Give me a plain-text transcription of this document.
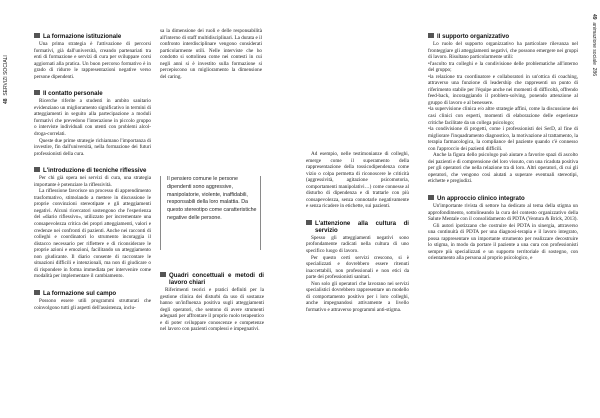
48  SERVIZI SOCIALI
49  animazione sociale  286
La formazione istituzionale

Una prima strategia è l'attivazione di percorsi formativi, già dall'università, creando partenariati tra enti di formazione e servizi di cura per sviluppare corsi aggiornati alla pratica. Un buon percorso formativo è in grado di ridurre le rappresentazioni negative verso persone dipendenti.

Il contatto personale

Ricerche riferite a studenti in ambito sanitario evidenziano un miglioramento significativo in termini di atteggiamenti in seguito alla partecipazione a moduli formativi che prevedono l'interazione in piccolo gruppo o interviste individuali con utenti con problemi alcol-droga-correlati.

Queste due prime strategie richiamano l'importanza di investire, fin dall'università, nella formazione dei futuri professionisti della cura.

L'introduzione di tecniche riflessive

Per chi già opera nei servizi di cura, una strategia importante è potenziare la riflessività.

La riflessione favorisce un processo di apprendimento trasformativo, stimolando a mettere in discussione le proprie convinzioni stereotipate e gli atteggiamenti negativi. Alcuni ricercatori sostengono che l'esperienza del «diario riflessivo», utilizzato per incrementare una consapevolezza critica dei propri atteggiamenti, valori e credenze nei confronti di pazienti. Anche nei racconti di colleghi e coordinatori lo strumento incoraggia il distacco necessario per riflettere e di riconsiderare le proprie azioni e emozioni, facilitando un atteggiamento non giudicante. Il diario consente di raccontare le situazioni difficili e intenzionali, ma non di giudicare o di rispondere in forma immediata per intervenire come modalità per implementare il cambiamento.

La formazione sul campo

Possono essere utili programmi strutturati che coinvolgono tutti gli aspetti dell'assistenza, inclu-

sa la dimensione dei ruoli e delle responsabilità all'interno di staff multidisciplinari. La durata e il confronto interdisciplinare vengono considerati particolarmente utili. Nelle interviste che ho condotto si sottolinea come nei contesti in cui negli anni si è investito sulla formazione si percepiscono un miglioramento la dimensione del caring.

Il pensiero comune le persone dipendenti sono aggressive, manipolatorie, violente, inaffidabili, responsabili della loro malattia. Da questo stereotipo come caratteristiche negative delle persone.
Quadri concettuali e metodi di lavoro chiari

Riferimenti teorici e pratici definiti per la gestione clinica dei disturbi da uso di sostanze hanno un'influenza positiva sugli atteggiamenti degli operatori, che sentono di avere strumenti adeguati per affrontare il proprio ruolo terapeutico e di poter sviluppare conoscenze e competenze nel lavoro con pazienti complessi e impegnativi.

Ad esempio, nelle testimonianze di colleghi, emerge come il superamento della rappresentazione della tossicodipendenza come vizio o colpa permetta di riconoscere le criticità (aggressività, agitazione psicomotoria, comportamenti manipolativi…) come connesse al disturbo di dipendenza e di trattarle con più consapevolezza, senza connotarle negativamente e senza ricadere in etichette, sui pazienti.

L'attenzione alla cultura di servizio

Spesso gli atteggiamenti negativi sono profondamente radicati nella cultura di uno specifico luogo di lavoro.

Per questo certi servizi crescono, si è specializzati e dovrebbero essere ritenuti inaccettabili, non professionali e non etici da parte dei professionisti sanitari.

Non solo gli operatori che lavorano nei servizi specialistici dovrebbero rappresentare un modello di comportamento positivo per i loro colleghi, anche impegnandosi attivamente a livello formativo e attraverso programmi anti-stigma.

Il supporto organizzativo

Lo ruolo del supporto organizzativo ha particolare rilevanza nel fronteggiare gli atteggiamenti negativi, che possono emergere nei gruppi di lavoro. Risultano particolarmente utili:

•l'ascolto tra colleghi e la condivisione delle problematiche all'interno del gruppo;

•la relazione tra coordinatore e collaboratori in un'ottica di coaching, attraverso una funzione di leadership che rappresenti un punto di riferimento stabile per l'équipe anche nei momenti di difficoltà, offrendo feed-back, incoraggiando il problem-solving, ponendo attenzione al gruppo di lavoro e al benessere.

•la supervisione clinica e/o altre strategie affini, come la discussione dei casi clinici con esperti, momenti di elaborazione delle esperienze critiche facilitate da un collega psicologo;

•la condivisione di progetti, come i professionisti dei SerD, al fine di migliorare l'inquadramento diagnostico, la motivazione al trattamento, la terapia farmacologica, la compliance del paziente quando c'è connesso con l'approccio dei pazienti difficili.

Anche la figura dello psicologo può aiutare a favorire spazi di ascolto dei pazienti e di comprensione del loro vissuto, con una ricaduta positiva per gli operatori che nella relazione tra di loro. Altri operatori, di cui gli operatori, che vengono così aiutati a superare eventuali stereotipi, etichette e pregiudizi.

Un approccio clinico integrato

Un'importante rivista di settore ha dedicato al tema della stigma un approfondimento, sottolineando la cura del contesto organizzativo della Salute Mentale con il consolidamento di PDTA (Ventura & Brick, 2013).

Gli autori ipotizzano che costruire dei PDTA in sinergia, attraverso una continuità di PDTA per una diagnosi-terapia e il lavoro integrato, possa rappresentare un importante strumento per realizzare decostruire lo stigma, in modo da portare il paziente a una cura con professionisti sempre più specializzati e un supporto territoriale di sostegno, con orientamento alla persona al proprio psicologico, e
